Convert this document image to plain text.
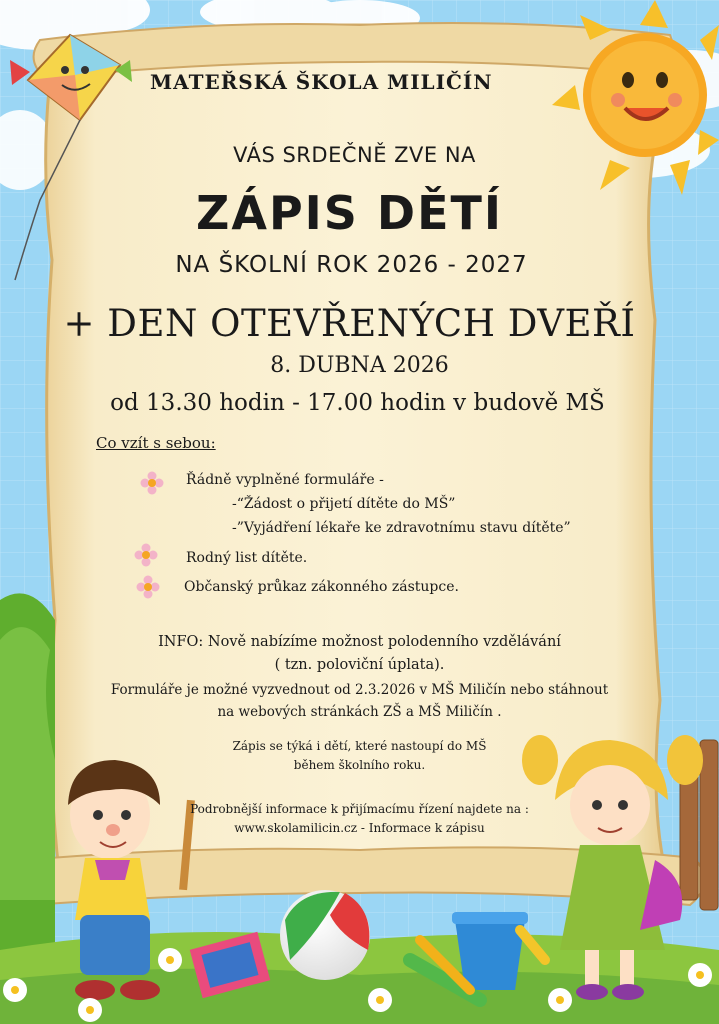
MATEŘSKÁ ŠKOLA MILIČÍN

VÁS SRDEČNĚ ZVE NA

ZÁPIS DĚTÍ

NA ŠKOLNÍ ROK 2026 - 2027

+ DEN OTEVŘENÝCH DVEŘÍ

8. DUBNA 2026

od 13.30 hodin - 17.00 hodin v budově MŠ

Co vzít s sebou:

Řádně vyplněné formuláře -
-“Žádost o přijetí dítěte do MŠ”
-”Vyjádření lékaře ke zdravotnímu stavu dítěte”
Rodný list dítěte.
Občanský průkaz zákonného zástupce.

INFO: Nově nabízíme možnost polodenního vzdělávání

( tzn. poloviční úplata).

Formuláře je možné vyzvednout od 2.3.2026 v MŠ Miličín nebo stáhnout

na webových stránkách ZŠ a MŠ Miličín .

Zápis se týká i dětí, které nastoupí do MŠ

během školního roku.

Podrobnější informace k přijímacímu řízení najdete na :

www.skolamilicin.cz - Informace k zápisu
